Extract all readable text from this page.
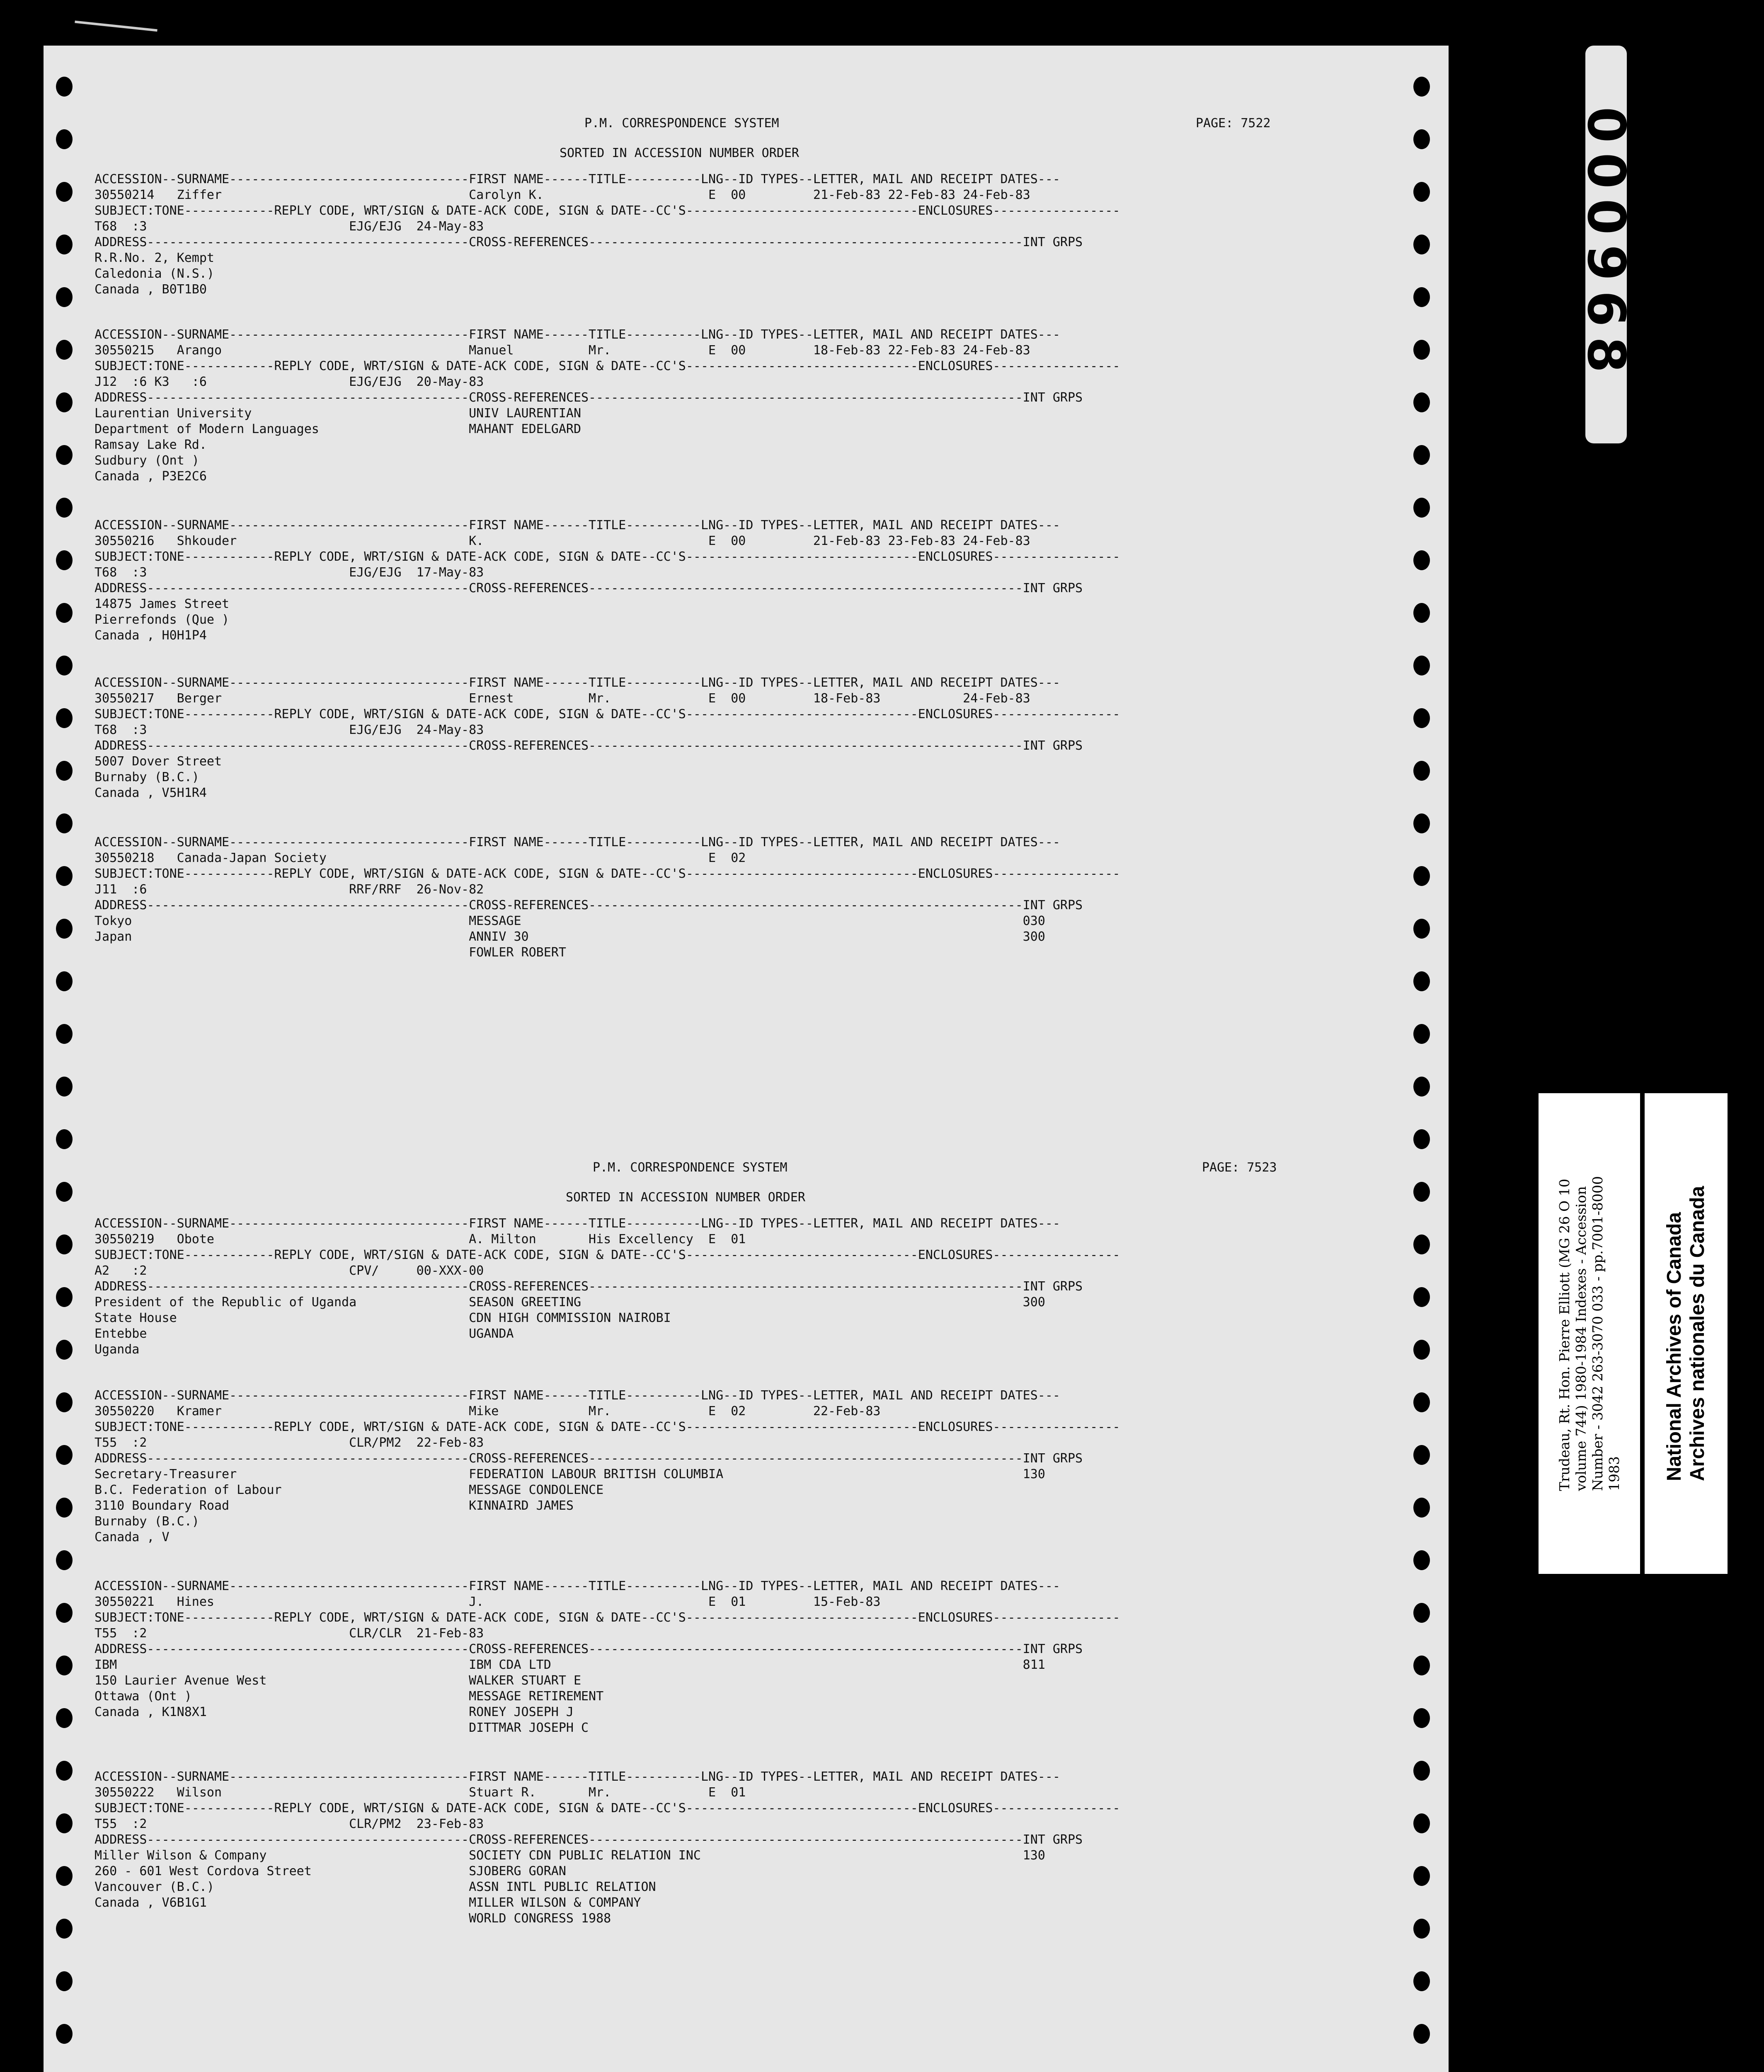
P.M. CORRESPONDENCE SYSTEM	PAGE: 7522
SORTED IN ACCESSION NUMBER ORDER
P.M. CORRESPONDENCE SYSTEM	PAGE: 7523
SORTED IN ACCESSION NUMBER ORDER
ACCESSION--SURNAME--------------------------------FIRST NAME------TITLE----------LNG--ID TYPES--LETTER, MAIL AND RECEIPT DATES---
30550214   Ziffer                                 Carolyn K.                      E  00         21-Feb-83 22-Feb-83 24-Feb-83
SUBJECT:TONE------------REPLY CODE, WRT/SIGN & DATE-ACK CODE, SIGN & DATE--CC'S-------------------------------ENCLOSURES-----------------
T68  :3                           EJG/EJG  24-May-83
ADDRESS-------------------------------------------CROSS-REFERENCES----------------------------------------------------------INT GRPS
R.R.No. 2, Kempt
Caledonia (N.S.)
Canada , B0T1B0
ACCESSION--SURNAME--------------------------------FIRST NAME------TITLE----------LNG--ID TYPES--LETTER, MAIL AND RECEIPT DATES---
30550215   Arango                                 Manuel          Mr.             E  00         18-Feb-83 22-Feb-83 24-Feb-83
SUBJECT:TONE------------REPLY CODE, WRT/SIGN & DATE-ACK CODE, SIGN & DATE--CC'S-------------------------------ENCLOSURES-----------------
J12  :6 K3   :6                   EJG/EJG  20-May-83
ADDRESS-------------------------------------------CROSS-REFERENCES----------------------------------------------------------INT GRPS
Laurentian University                             UNIV LAURENTIAN
Department of Modern Languages                    MAHANT EDELGARD
Ramsay Lake Rd.
Sudbury (Ont )
Canada , P3E2C6
ACCESSION--SURNAME--------------------------------FIRST NAME------TITLE----------LNG--ID TYPES--LETTER, MAIL AND RECEIPT DATES---
30550216   Shkouder                               K.                              E  00         21-Feb-83 23-Feb-83 24-Feb-83
SUBJECT:TONE------------REPLY CODE, WRT/SIGN & DATE-ACK CODE, SIGN & DATE--CC'S-------------------------------ENCLOSURES-----------------
T68  :3                           EJG/EJG  17-May-83
ADDRESS-------------------------------------------CROSS-REFERENCES----------------------------------------------------------INT GRPS
14875 James Street
Pierrefonds (Que )
Canada , H0H1P4
ACCESSION--SURNAME--------------------------------FIRST NAME------TITLE----------LNG--ID TYPES--LETTER, MAIL AND RECEIPT DATES---
30550217   Berger                                 Ernest          Mr.             E  00         18-Feb-83           24-Feb-83
SUBJECT:TONE------------REPLY CODE, WRT/SIGN & DATE-ACK CODE, SIGN & DATE--CC'S-------------------------------ENCLOSURES-----------------
T68  :3                           EJG/EJG  24-May-83
ADDRESS-------------------------------------------CROSS-REFERENCES----------------------------------------------------------INT GRPS
5007 Dover Street
Burnaby (B.C.)
Canada , V5H1R4
ACCESSION--SURNAME--------------------------------FIRST NAME------TITLE----------LNG--ID TYPES--LETTER, MAIL AND RECEIPT DATES---
30550218   Canada-Japan Society                                                   E  02
SUBJECT:TONE------------REPLY CODE, WRT/SIGN & DATE-ACK CODE, SIGN & DATE--CC'S-------------------------------ENCLOSURES-----------------
J11  :6                           RRF/RRF  26-Nov-82
ADDRESS-------------------------------------------CROSS-REFERENCES----------------------------------------------------------INT GRPS
Tokyo                                             MESSAGE                                                                   030
Japan                                             ANNIV 30                                                                  300
FOWLER ROBERT
ACCESSION--SURNAME--------------------------------FIRST NAME------TITLE----------LNG--ID TYPES--LETTER, MAIL AND RECEIPT DATES---
30550219   Obote                                  A. Milton       His Excellency  E  01
SUBJECT:TONE------------REPLY CODE, WRT/SIGN & DATE-ACK CODE, SIGN & DATE--CC'S-------------------------------ENCLOSURES-----------------
A2   :2                           CPV/     00-XXX-00
ADDRESS-------------------------------------------CROSS-REFERENCES----------------------------------------------------------INT GRPS
President of the Republic of Uganda               SEASON GREETING                                                           300
State House                                       CDN HIGH COMMISSION NAIROBI
Entebbe                                           UGANDA
Uganda
ACCESSION--SURNAME--------------------------------FIRST NAME------TITLE----------LNG--ID TYPES--LETTER, MAIL AND RECEIPT DATES---
30550220   Kramer                                 Mike            Mr.             E  02         22-Feb-83
SUBJECT:TONE------------REPLY CODE, WRT/SIGN & DATE-ACK CODE, SIGN & DATE--CC'S-------------------------------ENCLOSURES-----------------
T55  :2                           CLR/PM2  22-Feb-83
ADDRESS-------------------------------------------CROSS-REFERENCES----------------------------------------------------------INT GRPS
Secretary-Treasurer                               FEDERATION LABOUR BRITISH COLUMBIA                                        130
B.C. Federation of Labour                         MESSAGE CONDOLENCE
3110 Boundary Road                                KINNAIRD JAMES
Burnaby (B.C.)
Canada , V
ACCESSION--SURNAME--------------------------------FIRST NAME------TITLE----------LNG--ID TYPES--LETTER, MAIL AND RECEIPT DATES---
30550221   Hines                                  J.                              E  01         15-Feb-83
SUBJECT:TONE------------REPLY CODE, WRT/SIGN & DATE-ACK CODE, SIGN & DATE--CC'S-------------------------------ENCLOSURES-----------------
T55  :2                           CLR/CLR  21-Feb-83
ADDRESS-------------------------------------------CROSS-REFERENCES----------------------------------------------------------INT GRPS
IBM                                               IBM CDA LTD                                                               811
150 Laurier Avenue West                           WALKER STUART E
Ottawa (Ont )                                     MESSAGE RETIREMENT
Canada , K1N8X1                                   RONEY JOSEPH J
DITTMAR JOSEPH C
ACCESSION--SURNAME--------------------------------FIRST NAME------TITLE----------LNG--ID TYPES--LETTER, MAIL AND RECEIPT DATES---
30550222   Wilson                                 Stuart R.       Mr.             E  01
SUBJECT:TONE------------REPLY CODE, WRT/SIGN & DATE-ACK CODE, SIGN & DATE--CC'S-------------------------------ENCLOSURES-----------------
T55  :2                           CLR/PM2  23-Feb-83
ADDRESS-------------------------------------------CROSS-REFERENCES----------------------------------------------------------INT GRPS
Miller Wilson & Company                           SOCIETY CDN PUBLIC RELATION INC                                           130
260 - 601 West Cordova Street                     SJOBERG GORAN
Vancouver (B.C.)                                  ASSN INTL PUBLIC RELATION
Canada , V6B1G1                                   MILLER WILSON & COMPANY
WORLD CONGRESS 1988
000968
Trudeau, Rt. Hon. Pierre Elliott (MG 26 O 10 volume 744) 1980-1984 Indexes - Accession Number - 3042 263-3070 033 - pp.7001-8000 1983 National Archives of Canada Archives nationales du Canada
